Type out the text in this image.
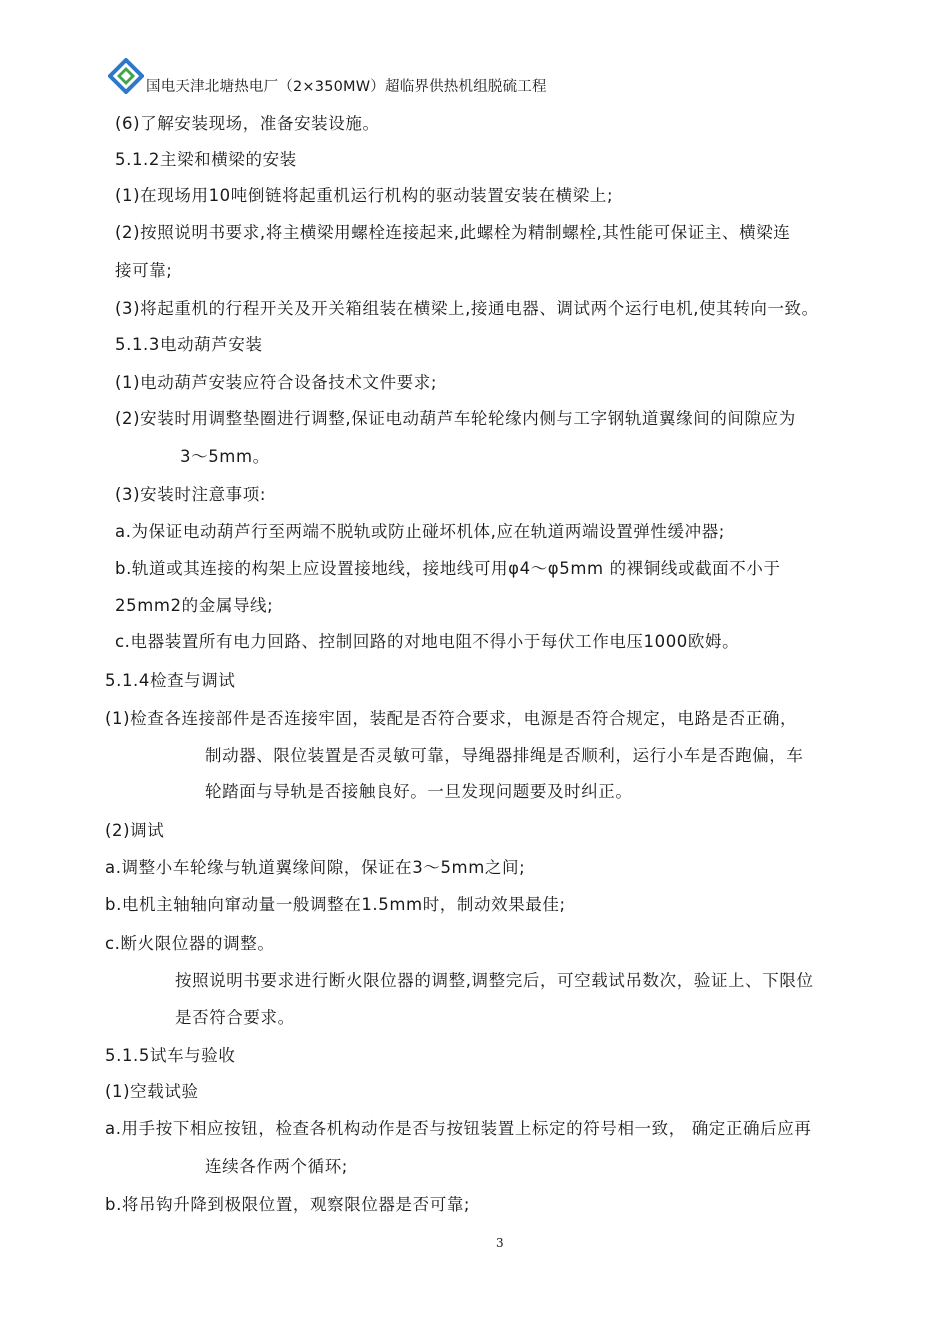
国电天津北塘热电厂（2×350MW）超临界供热机组脱硫工程
(6)了解安装现场，准备安装设施。
5.1.2主梁和横梁的安装
(1)在现场用10吨倒链将起重机运行机构的驱动装置安装在横梁上;
(2)按照说明书要求,将主横梁用螺栓连接起来,此螺栓为精制螺栓,其性能可保证主、横梁连
接可靠;
(3)将起重机的行程开关及开关箱组装在横梁上,接通电器、调试两个运行电机,使其转向一致。
5.1.3电动葫芦安装
(1)电动葫芦安装应符合设备技术文件要求;
(2)安装时用调整垫圈进行调整,保证电动葫芦车轮轮缘内侧与工字钢轨道翼缘间的间隙应为
3～5mm。
(3)安装时注意事项:
a.为保证电动葫芦行至两端不脱轨或防止碰坏机体,应在轨道两端设置弹性缓冲器;
b.轨道或其连接的构架上应设置接地线，接地线可用φ4～φ5mm 的裸铜线或截面不小于
25mm2的金属导线;
c.电器装置所有电力回路、控制回路的对地电阻不得小于每伏工作电压1000欧姆。
5.1.4检查与调试
(1)检查各连接部件是否连接牢固，装配是否符合要求，电源是否符合规定，电路是否正确，
制动器、限位装置是否灵敏可靠，导绳器排绳是否顺利，运行小车是否跑偏，车
轮踏面与导轨是否接触良好。一旦发现问题要及时纠正。
(2)调试
a.调整小车轮缘与轨道翼缘间隙，保证在3～5mm之间;
b.电机主轴轴向窜动量一般调整在1.5mm时，制动效果最佳;
c.断火限位器的调整。
按照说明书要求进行断火限位器的调整,调整完后，可空载试吊数次，验证上、下限位
是否符合要求。
5.1.5试车与验收
(1)空载试验
a.用手按下相应按钮，检查各机构动作是否与按钮装置上标定的符号相一致， 确定正确后应再
连续各作两个循环;
b.将吊钩升降到极限位置，观察限位器是否可靠;
3
